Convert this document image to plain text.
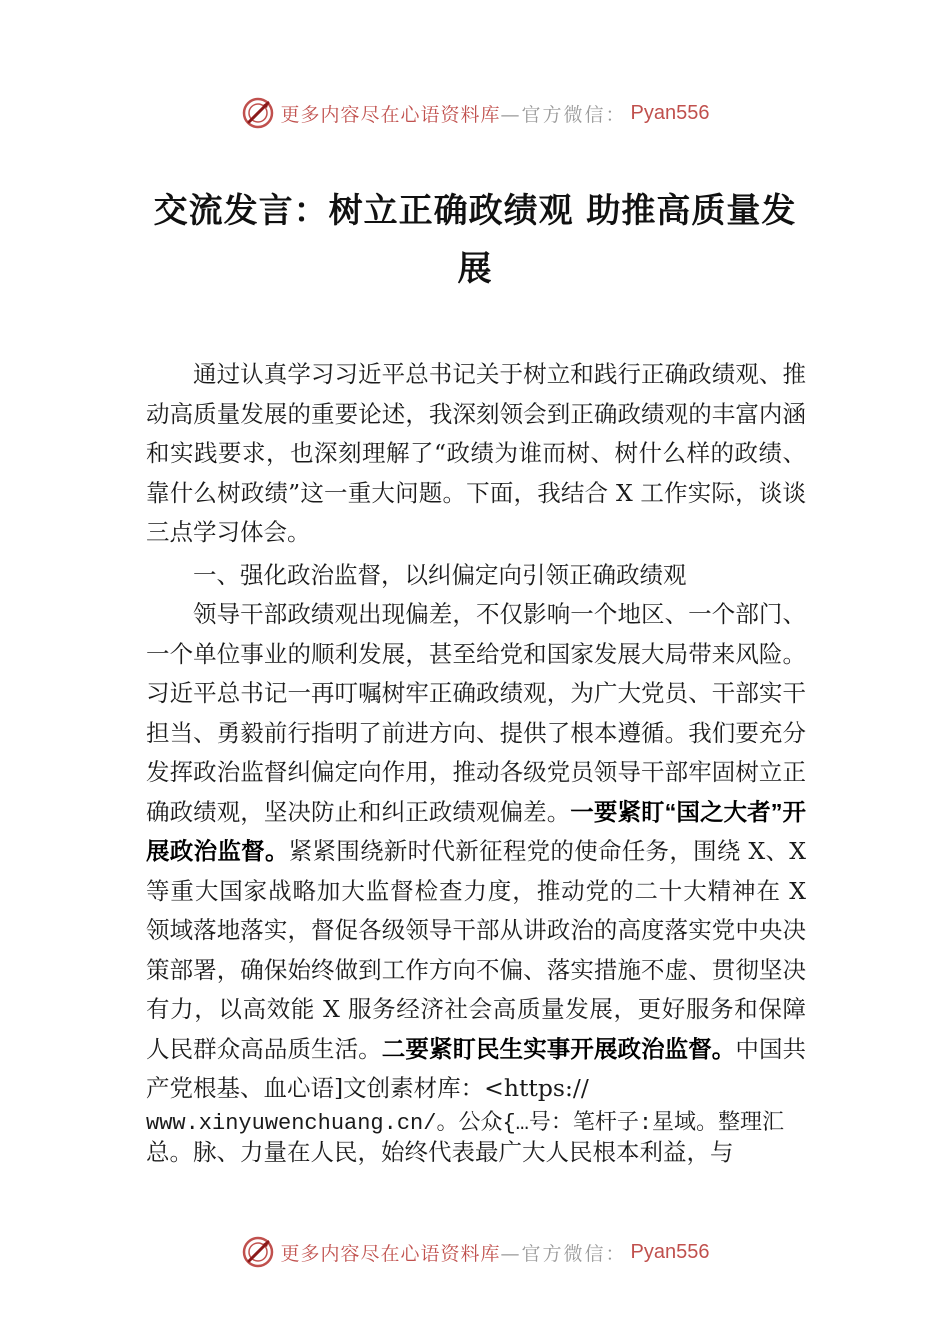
更多内容尽在心语资料库 —官方微信： Pyan556
交流发言：树立正确政绩观 助推高质量发
展

通过认真学习习近平总书记关于树立和践行正确政绩观、推动高质量发展的重要论述，我深刻领会到正确政绩观的丰富内涵和实践要求，也深刻理解了“政绩为谁而树、树什么样的政绩、靠什么树政绩”这一重大问题。下面，我结合 X 工作实际，谈谈三点学习体会。

一、强化政治监督，以纠偏定向引领正确政绩观

领导干部政绩观出现偏差，不仅影响一个地区、一个部门、一个单位事业的顺利发展，甚至给党和国家发展大局带来风险。习近平总书记一再叮嘱树牢正确政绩观，为广大党员、干部实干担当、勇毅前行指明了前进方向、提供了根本遵循。我们要充分发挥政治监督纠偏定向作用，推动各级党员领导干部牢固树立正确政绩观，坚决防止和纠正政绩观偏差。一要紧盯“国之大者”开展政治监督。紧紧围绕新时代新征程党的使命任务，围绕 X、X 等重大国家战略加大监督检查力度，推动党的二十大精神在 X 领域落地落实，督促各级领导干部从讲政治的高度落实党中央决策部署，确保始终做到工作方向不偏、落实措施不虚、贯彻坚决有力，以高效能 X 服务经济社会高质量发展，更好服务和保障人民群众高品质生活。二要紧盯民生实事开展政治监督。中国共产党根基、血心语]文创素材库：<https://

www.xinyuwenchuang.cn/。公众{…号：笔杆子:星域。整理汇

总。脉、力量在人民，始终代表最广大人民根本利益，与

更多内容尽在心语资料库 —官方微信： Pyan556
